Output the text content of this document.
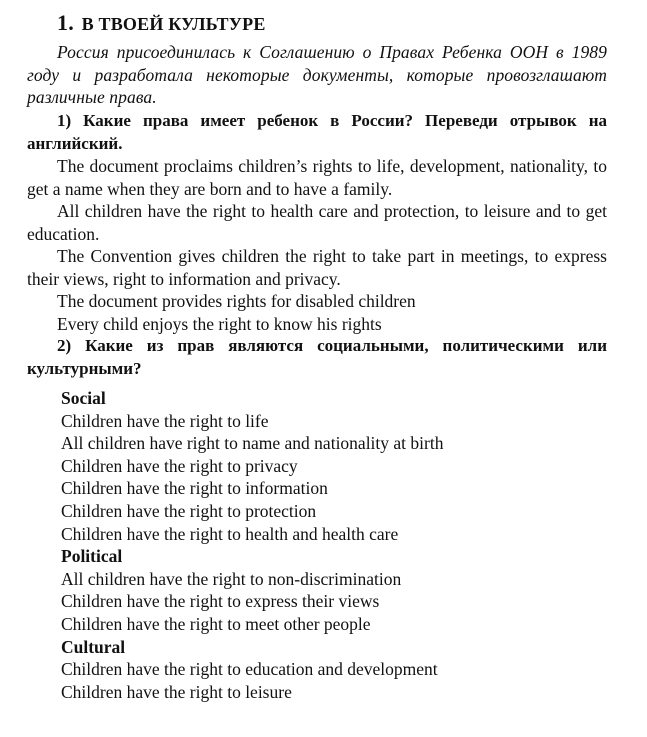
1. В ТВОЕЙ КУЛЬТУРЕ

Россия присоединилась к Соглашению о Правах Ребенка ООН в 1989 году и разработала некоторые документы, которые провозглашают различные права.

1) Какие права имеет ребенок в России? Переведи отрывок на английский.

The document proclaims children’s rights to life, development, nationality, to get a name when they are born and to have a family.

All children have the right to health care and protection, to leisure and to get education.

The Convention gives children the right to take part in meetings, to express their views, right to information and privacy.

The document provides rights for disabled children

Every child enjoys the right to know his rights

2) Какие из прав являются социальными, политическими или культурными?

Social
Children have the right to life
All children have right to name and nationality at birth
Children have the right to privacy
Children have the right to information
Children have the right to protection
Children have the right to health and health care
Political
All children have the right to non-discrimination
Children have the right to express their views
Children have the right to meet other people
Cultural
Children have the right to education and development
Children have the right to leisure
